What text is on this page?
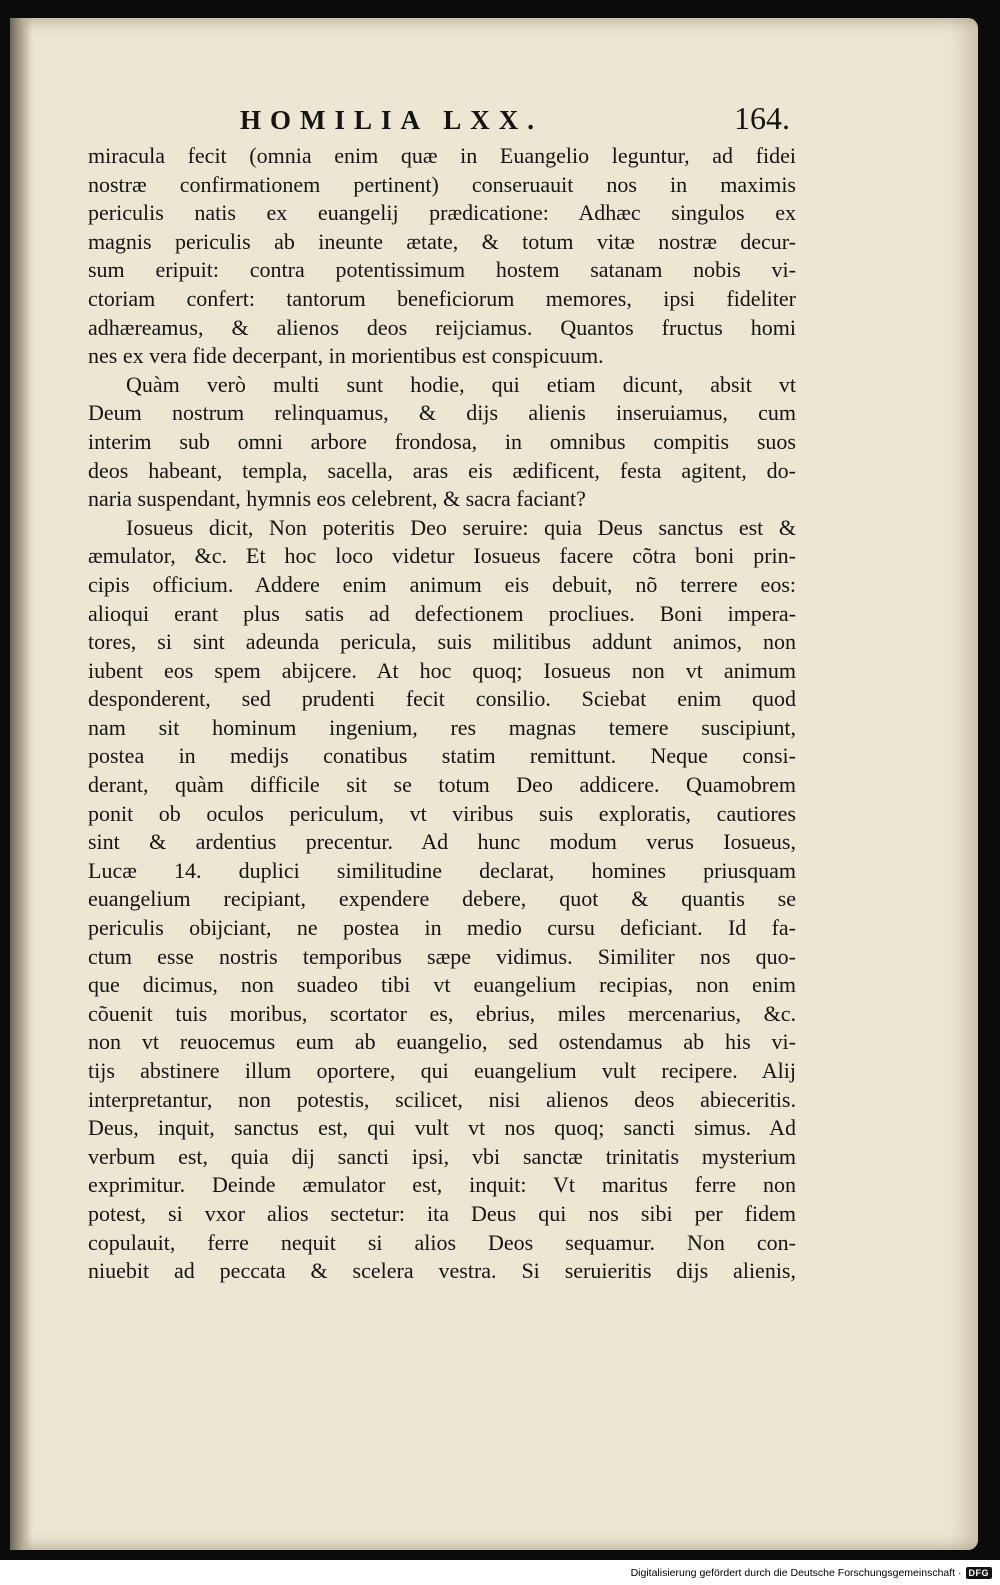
HOMILIA LXX.	164.
miracula fecit (omnia enim quæ in Euangelio leguntur, ad fidei
nostræ confirmationem pertinent) conseruauit nos in maximis
periculis natis ex euangelij prædicatione: Adhæc singulos ex
magnis periculis ab ineunte ætate, & totum vitæ nostræ decur-
sum eripuit: contra potentissimum hostem satanam nobis vi-
ctoriam confert: tantorum beneficiorum memores, ipsi fideliter
adhæreamus, & alienos deos reijciamus. Quantos fructus homi
nes ex vera fide decerpant, in morientibus est conspicuum.
Quàm verò multi sunt hodie, qui etiam dicunt, absit vt
Deum nostrum relinquamus, & dijs alienis inseruiamus, cum
interim sub omni arbore frondosa, in omnibus compitis suos
deos habeant, templa, sacella, aras eis ædificent, festa agitent, do-
naria suspendant, hymnis eos celebrent, & sacra faciant?
Iosueus dicit, Non poteritis Deo seruire: quia Deus sanctus est &
æmulator, &c. Et hoc loco videtur Iosueus facere cõtra boni prin-
cipis officium. Addere enim animum eis debuit, nõ terrere eos:
alioqui erant plus satis ad defectionem procliues. Boni impera-
tores, si sint adeunda pericula, suis militibus addunt animos, non
iubent eos spem abijcere. At hoc quoq; Iosueus non vt animum
desponderent, sed prudenti fecit consilio. Sciebat enim quod
nam sit hominum ingenium, res magnas temere suscipiunt,
postea in medijs conatibus statim remittunt. Neque consi-
derant, quàm difficile sit se totum Deo addicere. Quamobrem
ponit ob oculos periculum, vt viribus suis exploratis, cautiores
sint & ardentius precentur. Ad hunc modum verus Iosueus,
Lucæ 14. duplici similitudine declarat, homines priusquam
euangelium recipiant, expendere debere, quot & quantis se
periculis obijciant, ne postea in medio cursu deficiant. Id fa-
ctum esse nostris temporibus sæpe vidimus. Similiter nos quo-
que dicimus, non suadeo tibi vt euangelium recipias, non enim
cõuenit tuis moribus, scortator es, ebrius, miles mercenarius, &c.
non vt reuocemus eum ab euangelio, sed ostendamus ab his vi-
tijs abstinere illum oportere, qui euangelium vult recipere. Alij
interpretantur, non potestis, scilicet, nisi alienos deos abieceritis.
Deus, inquit, sanctus est, qui vult vt nos quoq; sancti simus. Ad
verbum est, quia dij sancti ipsi, vbi sanctæ trinitatis mysterium
exprimitur. Deinde æmulator est, inquit: Vt maritus ferre non
potest, si vxor alios sectetur: ita Deus qui nos sibi per fidem
copulauit, ferre nequit si alios Deos sequamur. Non con-
niuebit ad peccata & scelera vestra. Si seruieritis dijs alienis,
Digitalisierung gefördert durch die Deutsche Forschungsgemeinschaft · DFG
